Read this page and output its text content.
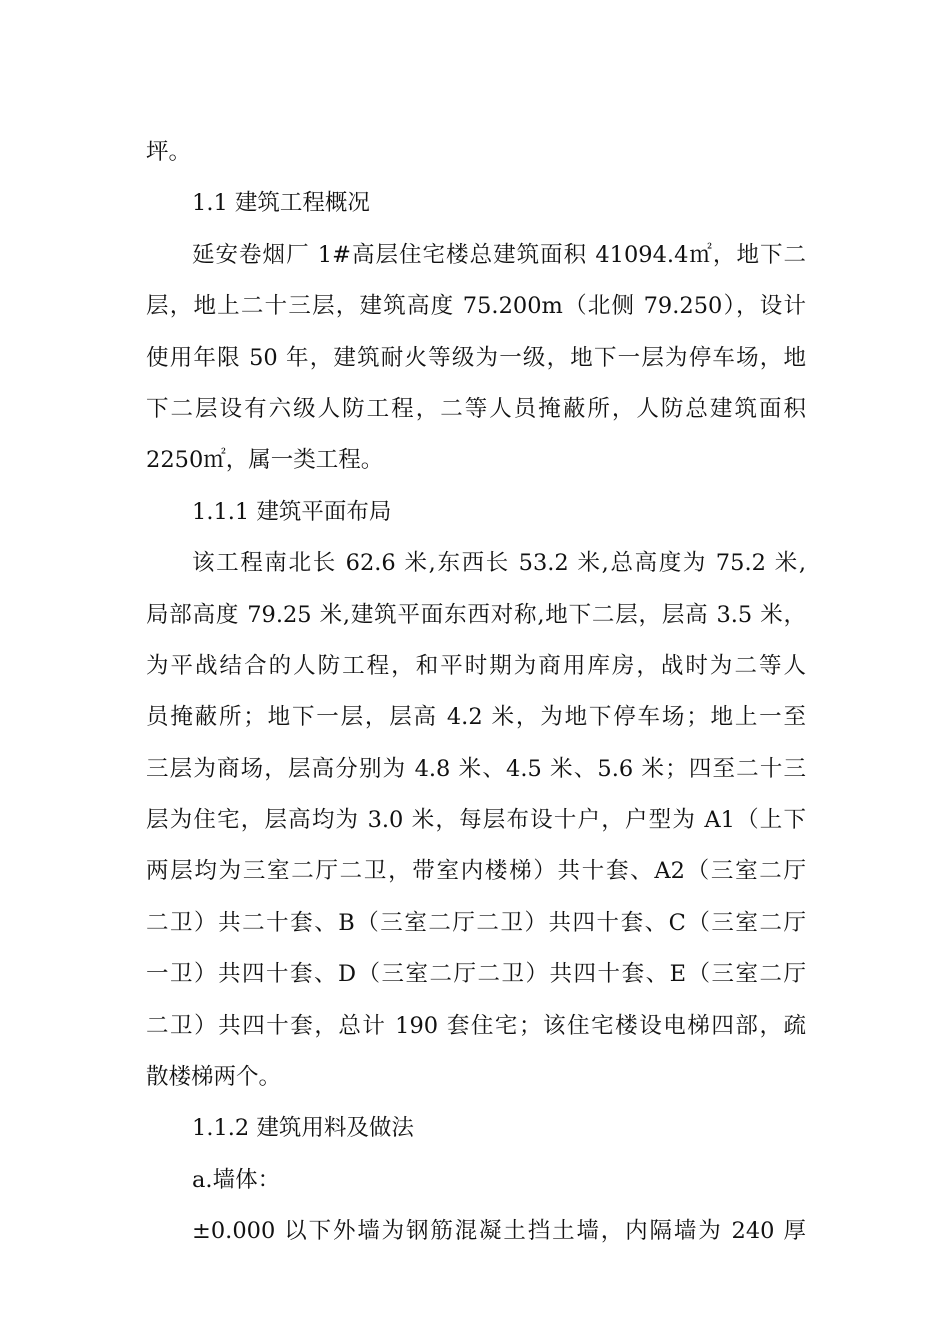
坪。
1.1 建筑工程概况
延安卷烟厂 1#高层住宅楼总建筑面积 41094.4㎡，地下二
层，地上二十三层，建筑高度 75.200m（北侧 79.250），设计
使用年限 50 年，建筑耐火等级为一级，地下一层为停车场，地
下二层设有六级人防工程，二等人员掩蔽所，人防总建筑面积
2250㎡，属一类工程。
1.1.1 建筑平面布局
该工程南北长 62.6 米,东西长 53.2 米,总高度为 75.2 米,
局部高度 79.25 米,建筑平面东西对称,地下二层，层高 3.5 米，
为平战结合的人防工程，和平时期为商用库房，战时为二等人
员掩蔽所；地下一层，层高 4.2 米，为地下停车场；地上一至
三层为商场，层高分别为 4.8 米、4.5 米、5.6 米；四至二十三
层为住宅，层高均为 3.0 米，每层布设十户，户型为 A1（上下
两层均为三室二厅二卫，带室内楼梯）共十套、A2（三室二厅
二卫）共二十套、B（三室二厅二卫）共四十套、C（三室二厅
一卫）共四十套、D（三室二厅二卫）共四十套、E（三室二厅
二卫）共四十套，总计 190 套住宅；该住宅楼设电梯四部，疏
散楼梯两个。
1.1.2 建筑用料及做法
a.墙体：
±0.000 以下外墙为钢筋混凝土挡土墙，内隔墙为 240 厚
